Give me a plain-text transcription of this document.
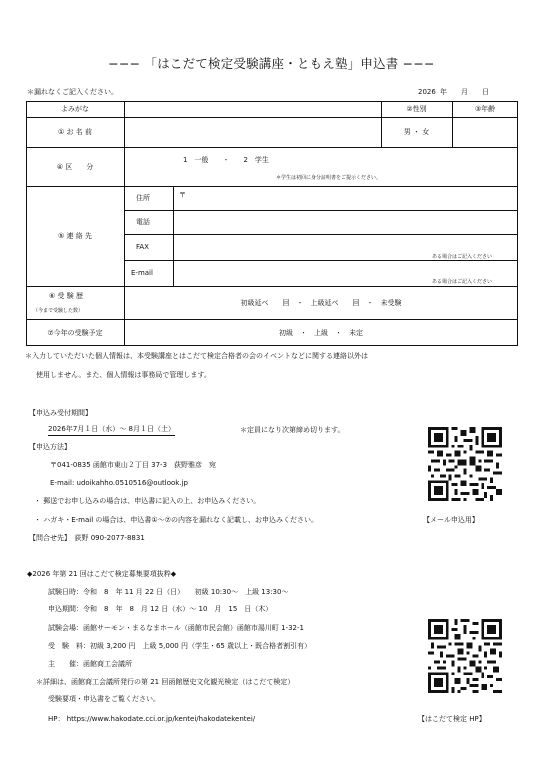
−−− 「はこだて検定受験講座・ともえ塾」申込書 −−−
＊漏れなくご記入ください。	2026 年　　月　　日
よみがな	②性別	③年齢
① お 名 前	男 ・ 女
④ 区　　分
1　一般　　・　　2　学生
＊学生は初回に身分証明書をご提示ください。
⑤ 連 絡 先
住所	〒
電話
FAX
ある場合はご記入ください
E-mail
ある場合はご記入ください
⑥ 受 験 歴
（今まで受験した数）
初級延べ　　回　・　上級延べ　　回　・　未受験
⑦今年の受験予定	初級　・　上級　・　未定
＊入力していただいた個人情報は、本受験講座とはこだて検定合格者の会のイベントなどに関する連絡以外は
使用しません。また、個人情報は事務局で管理します。
【申込み受付期間】
2026年7月１日（水）～ 8月１日（土）	＊定員になり次第締め切ります。
【申込方法】
〒041-0835 函館市東山２丁目 37-3　荻野雅彦　宛
E-mail: udoikahho.0510516@outlook.jp
・ 郵送でお申し込みの場合は、申込書に記入の上、お申込みください。
・ ハガキ・E-mail の場合は、申込書①～⑦の内容を漏れなく記載し、お申込みください。	【メール申込用】
【問合せ先】　荻野 090-2077-8831
◆2026 年第 21 回はこだて検定募集要項抜粋◆
試験日時：令和　8　年 11 月 22 日（日）　　初級 10:30～　上級 13:30～
申込期間：令和　8　年　8　月 12 日（水）～ 10　月　15　日（木）
試験会場：函館サーモン・まるなまホール（函館市民会館）函館市湯川町 1-32-1
受　験　料：初級 3,200 円　上級 5,000 円（学生・65 歳以上・既合格者割引有）
主　　催：函館商工会議所
＊詳細は、函館商工会議所発行の第 21 回函館歴史文化観光検定（はこだて検定）
受験要項・申込書をご覧ください。
HP： https://www.hakodate.cci.or.jp/kentei/hakodatekentei/	【はこだて検定 HP】
